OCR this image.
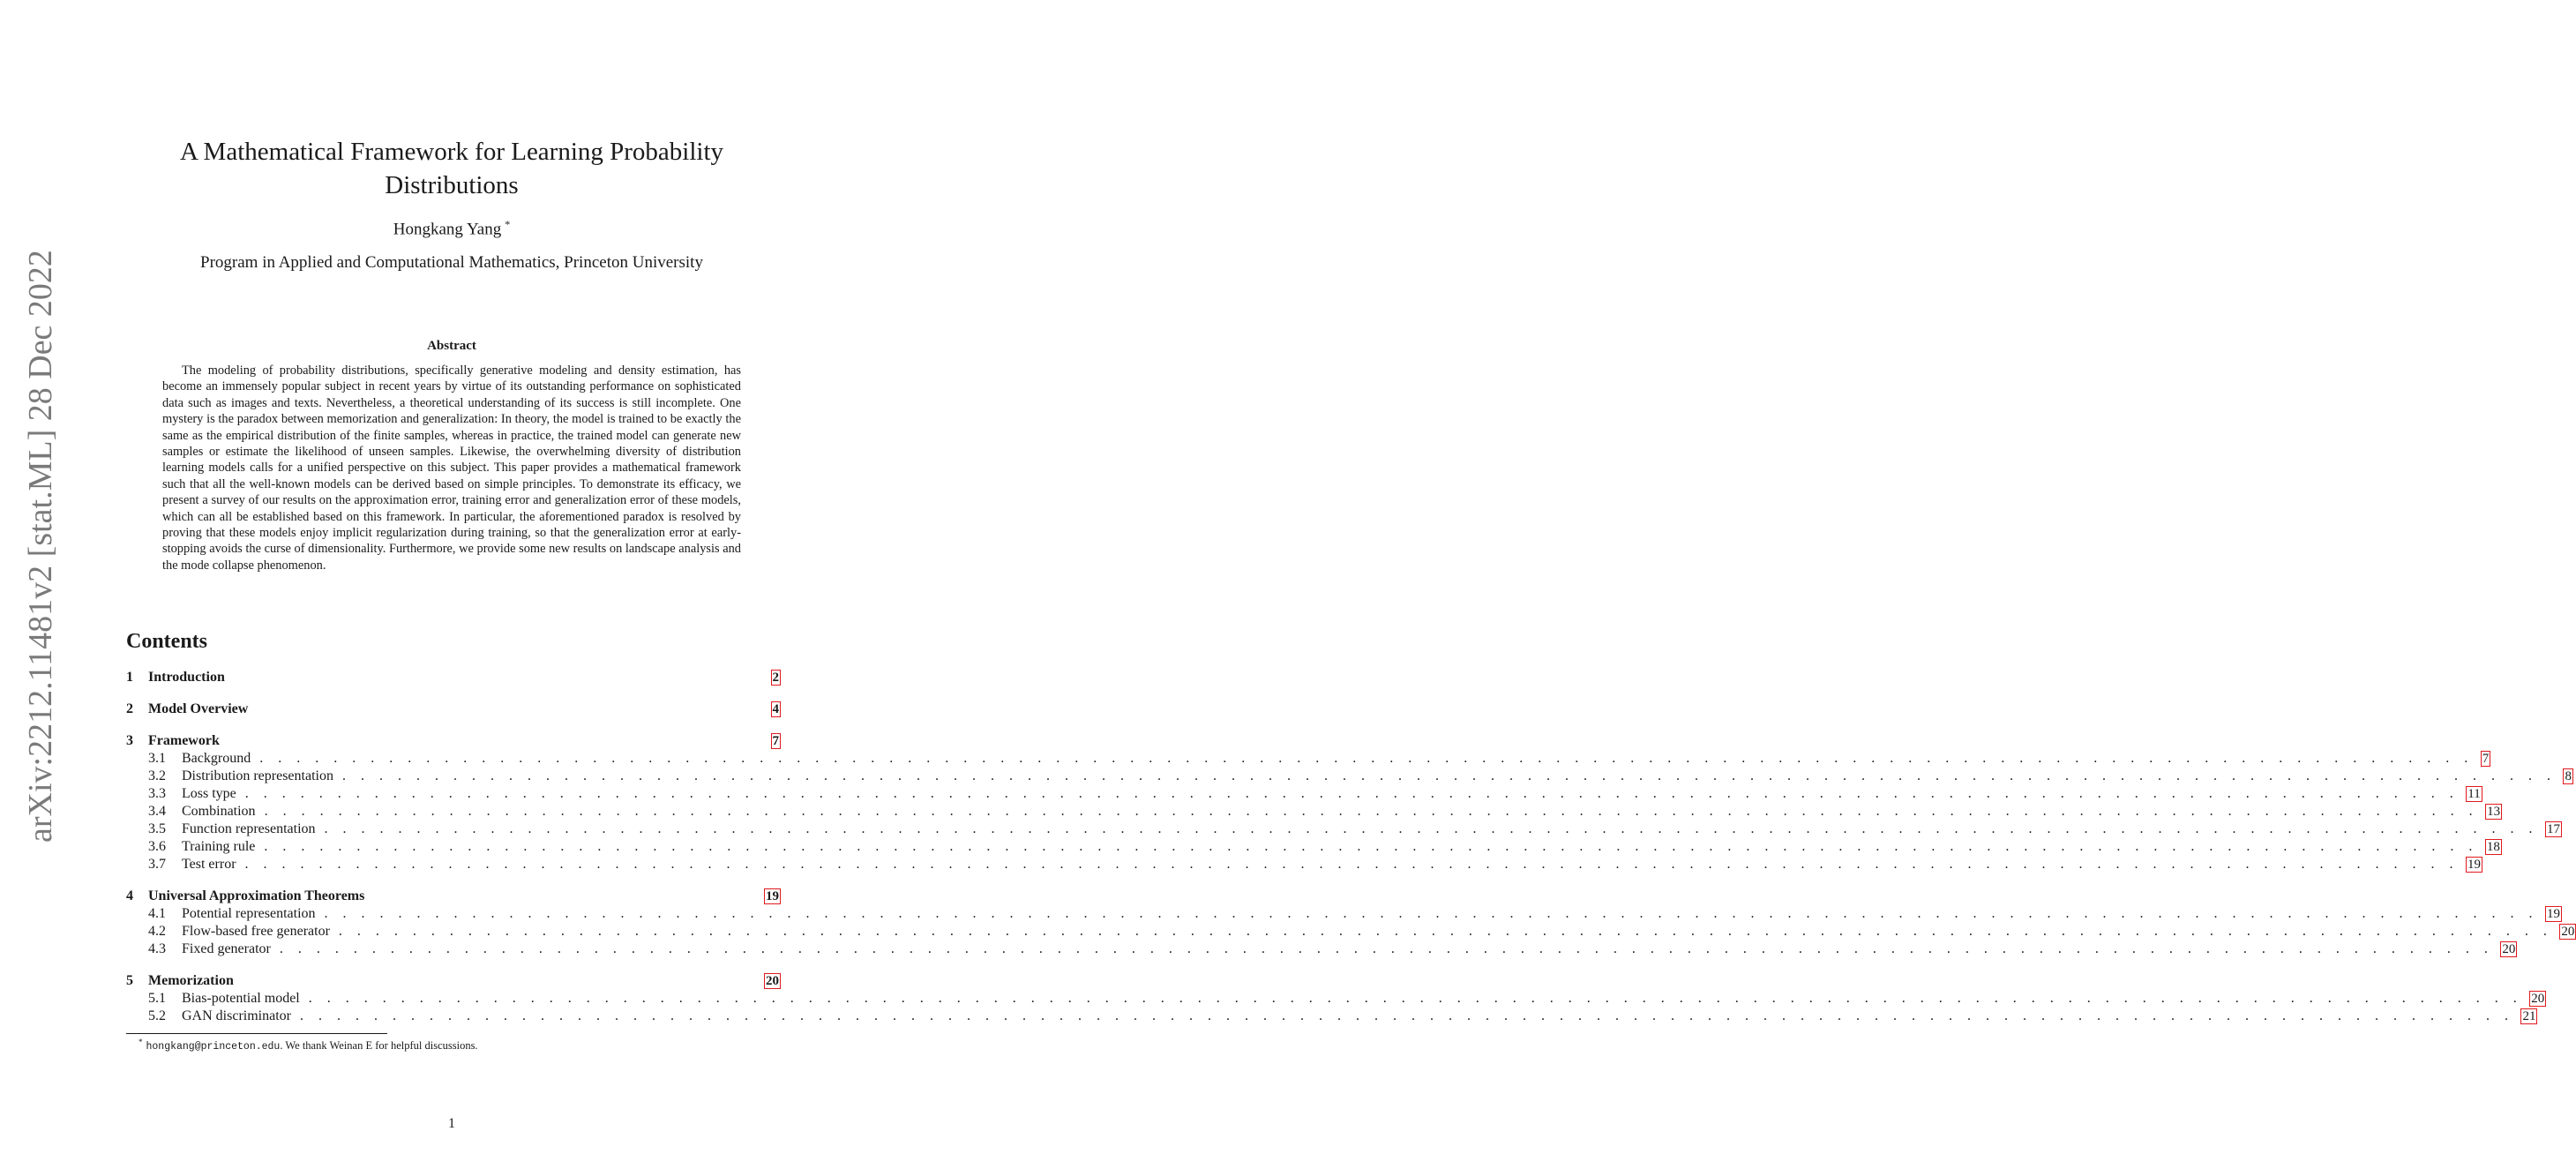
arXiv:2212.11481v2 [stat.ML] 28 Dec 2022
A Mathematical Framework for Learning Probability Distributions
Hongkang Yang *
Program in Applied and Computational Mathematics, Princeton University
Abstract

The modeling of probability distributions, specifically generative modeling and density estimation, has become an immensely popular subject in recent years by virtue of its outstanding performance on sophisticated data such as images and texts. Nevertheless, a theoretical understanding of its success is still incomplete. One mystery is the paradox between memorization and generalization: In theory, the model is trained to be exactly the same as the empirical distribution of the finite samples, whereas in practice, the trained model can generate new samples or estimate the likelihood of unseen samples. Likewise, the overwhelming diversity of distribution learning models calls for a unified perspective on this subject. This paper provides a mathematical framework such that all the well-known models can be derived based on simple principles. To demonstrate its efficacy, we present a survey of our results on the approximation error, training error and generalization error of these models, which can all be established based on this framework. In particular, the aforementioned paradox is resolved by proving that these models enjoy implicit regularization during training, so that the generalization error at early-stopping avoids the curse of dimensionality. Furthermore, we provide some new results on landscape analysis and the mode collapse phenomenon.

Contents
1	Introduction	2
2	Model Overview	4
3	Framework	7
3.1	Background . . . . . . . . . . . . . . . . . . . . . . . . . . . . . . . . . . . . . . . . . . . . . . . . . . . . . . . . . . . . . . . . . . . . . . . . . . . . . . . . . . . . . . . . . . . . . . . . . . . . . . . . . . . . . . . . . . . . . . . . 7
3.2	Distribution representation . . . . . . . . . . . . . . . . . . . . . . . . . . . . . . . . . . . . . . . . . . . . . . . . . . . . . . . . . . . . . . . . . . . . . . . . . . . . . . . . . . . . . . . . . . . . . . . . . . . . . . . . . . . . . . . . . . . . . . . . 8
3.3	Loss type . . . . . . . . . . . . . . . . . . . . . . . . . . . . . . . . . . . . . . . . . . . . . . . . . . . . . . . . . . . . . . . . . . . . . . . . . . . . . . . . . . . . . . . . . . . . . . . . . . . . . . . . . . . . . . . . . . . . . . . . 11
3.4	Combination . . . . . . . . . . . . . . . . . . . . . . . . . . . . . . . . . . . . . . . . . . . . . . . . . . . . . . . . . . . . . . . . . . . . . . . . . . . . . . . . . . . . . . . . . . . . . . . . . . . . . . . . . . . . . . . . . . . . . . . . 13
3.5	Function representation . . . . . . . . . . . . . . . . . . . . . . . . . . . . . . . . . . . . . . . . . . . . . . . . . . . . . . . . . . . . . . . . . . . . . . . . . . . . . . . . . . . . . . . . . . . . . . . . . . . . . . . . . . . . . . . . . . . . . . . . 17
3.6	Training rule . . . . . . . . . . . . . . . . . . . . . . . . . . . . . . . . . . . . . . . . . . . . . . . . . . . . . . . . . . . . . . . . . . . . . . . . . . . . . . . . . . . . . . . . . . . . . . . . . . . . . . . . . . . . . . . . . . . . . . . . 18
3.7	Test error . . . . . . . . . . . . . . . . . . . . . . . . . . . . . . . . . . . . . . . . . . . . . . . . . . . . . . . . . . . . . . . . . . . . . . . . . . . . . . . . . . . . . . . . . . . . . . . . . . . . . . . . . . . . . . . . . . . . . . . . 19
4	Universal Approximation Theorems	19
4.1	Potential representation . . . . . . . . . . . . . . . . . . . . . . . . . . . . . . . . . . . . . . . . . . . . . . . . . . . . . . . . . . . . . . . . . . . . . . . . . . . . . . . . . . . . . . . . . . . . . . . . . . . . . . . . . . . . . . . . . . . . . . . . 19
4.2	Flow-based free generator . . . . . . . . . . . . . . . . . . . . . . . . . . . . . . . . . . . . . . . . . . . . . . . . . . . . . . . . . . . . . . . . . . . . . . . . . . . . . . . . . . . . . . . . . . . . . . . . . . . . . . . . . . . . . . . . . . . . . . . . 20
4.3	Fixed generator . . . . . . . . . . . . . . . . . . . . . . . . . . . . . . . . . . . . . . . . . . . . . . . . . . . . . . . . . . . . . . . . . . . . . . . . . . . . . . . . . . . . . . . . . . . . . . . . . . . . . . . . . . . . . . . . . . . . . . . . 20
5	Memorization	20
5.1	Bias-potential model . . . . . . . . . . . . . . . . . . . . . . . . . . . . . . . . . . . . . . . . . . . . . . . . . . . . . . . . . . . . . . . . . . . . . . . . . . . . . . . . . . . . . . . . . . . . . . . . . . . . . . . . . . . . . . . . . . . . . . . . 20
5.2	GAN discriminator . . . . . . . . . . . . . . . . . . . . . . . . . . . . . . . . . . . . . . . . . . . . . . . . . . . . . . . . . . . . . . . . . . . . . . . . . . . . . . . . . . . . . . . . . . . . . . . . . . . . . . . . . . . . . . . . . . . . . . . . 21
* hongkang@princeton.edu. We thank Weinan E for helpful discussions.
1
